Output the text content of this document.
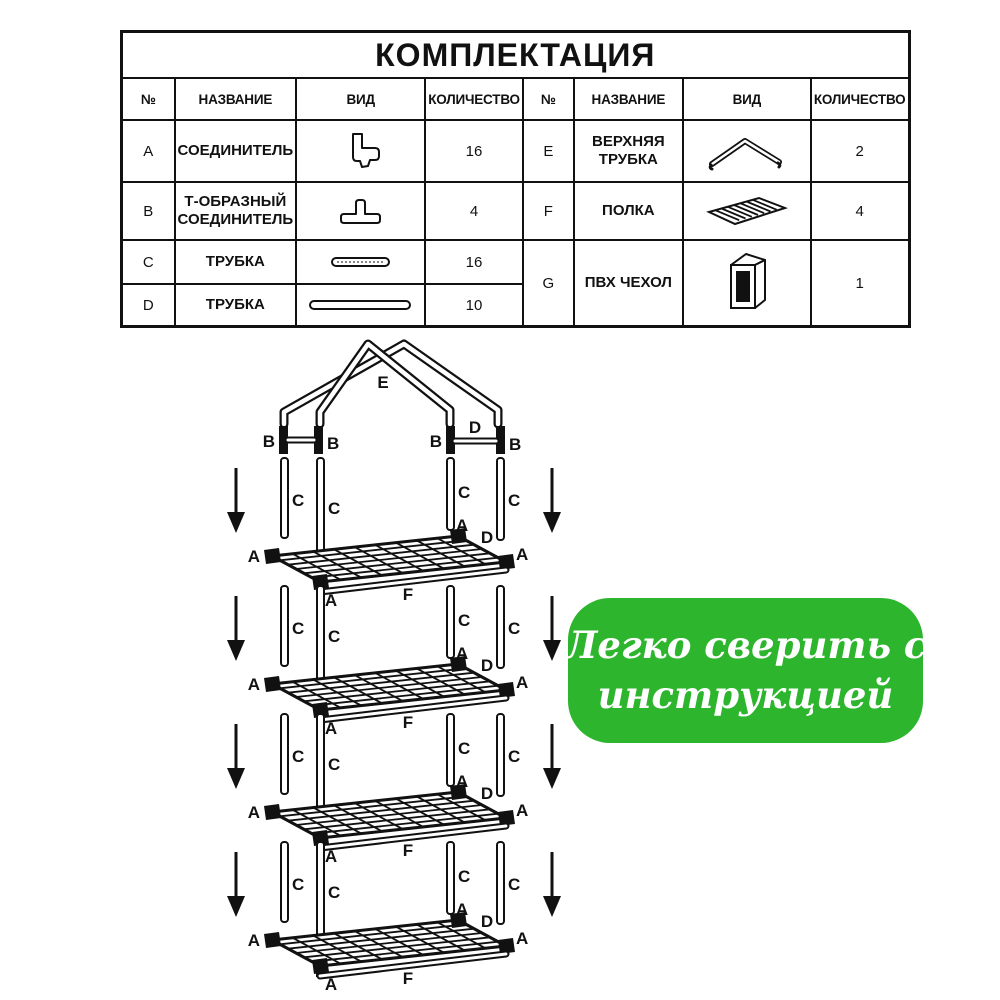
КОМПЛЕКТАЦИЯ							
№	НАЗВАНИЕ	ВИД	КОЛИЧЕСТВО	№	НАЗВАНИЕ	ВИД	КОЛИЧЕСТВО
A	СОЕДИНИТЕЛЬ		16	E	ВЕРХНЯЯ ТРУБКА		2
B	Т-ОБРАЗНЫЙ СОЕДИНИТЕЛЬ		4	F	ПОЛКА		4
C	ТРУБКА		16	G	ПВХ ЧЕХОЛ		1
D	ТРУБКА		10				
E
B	B
D
B	B
Легко сверить с
инструкцией
